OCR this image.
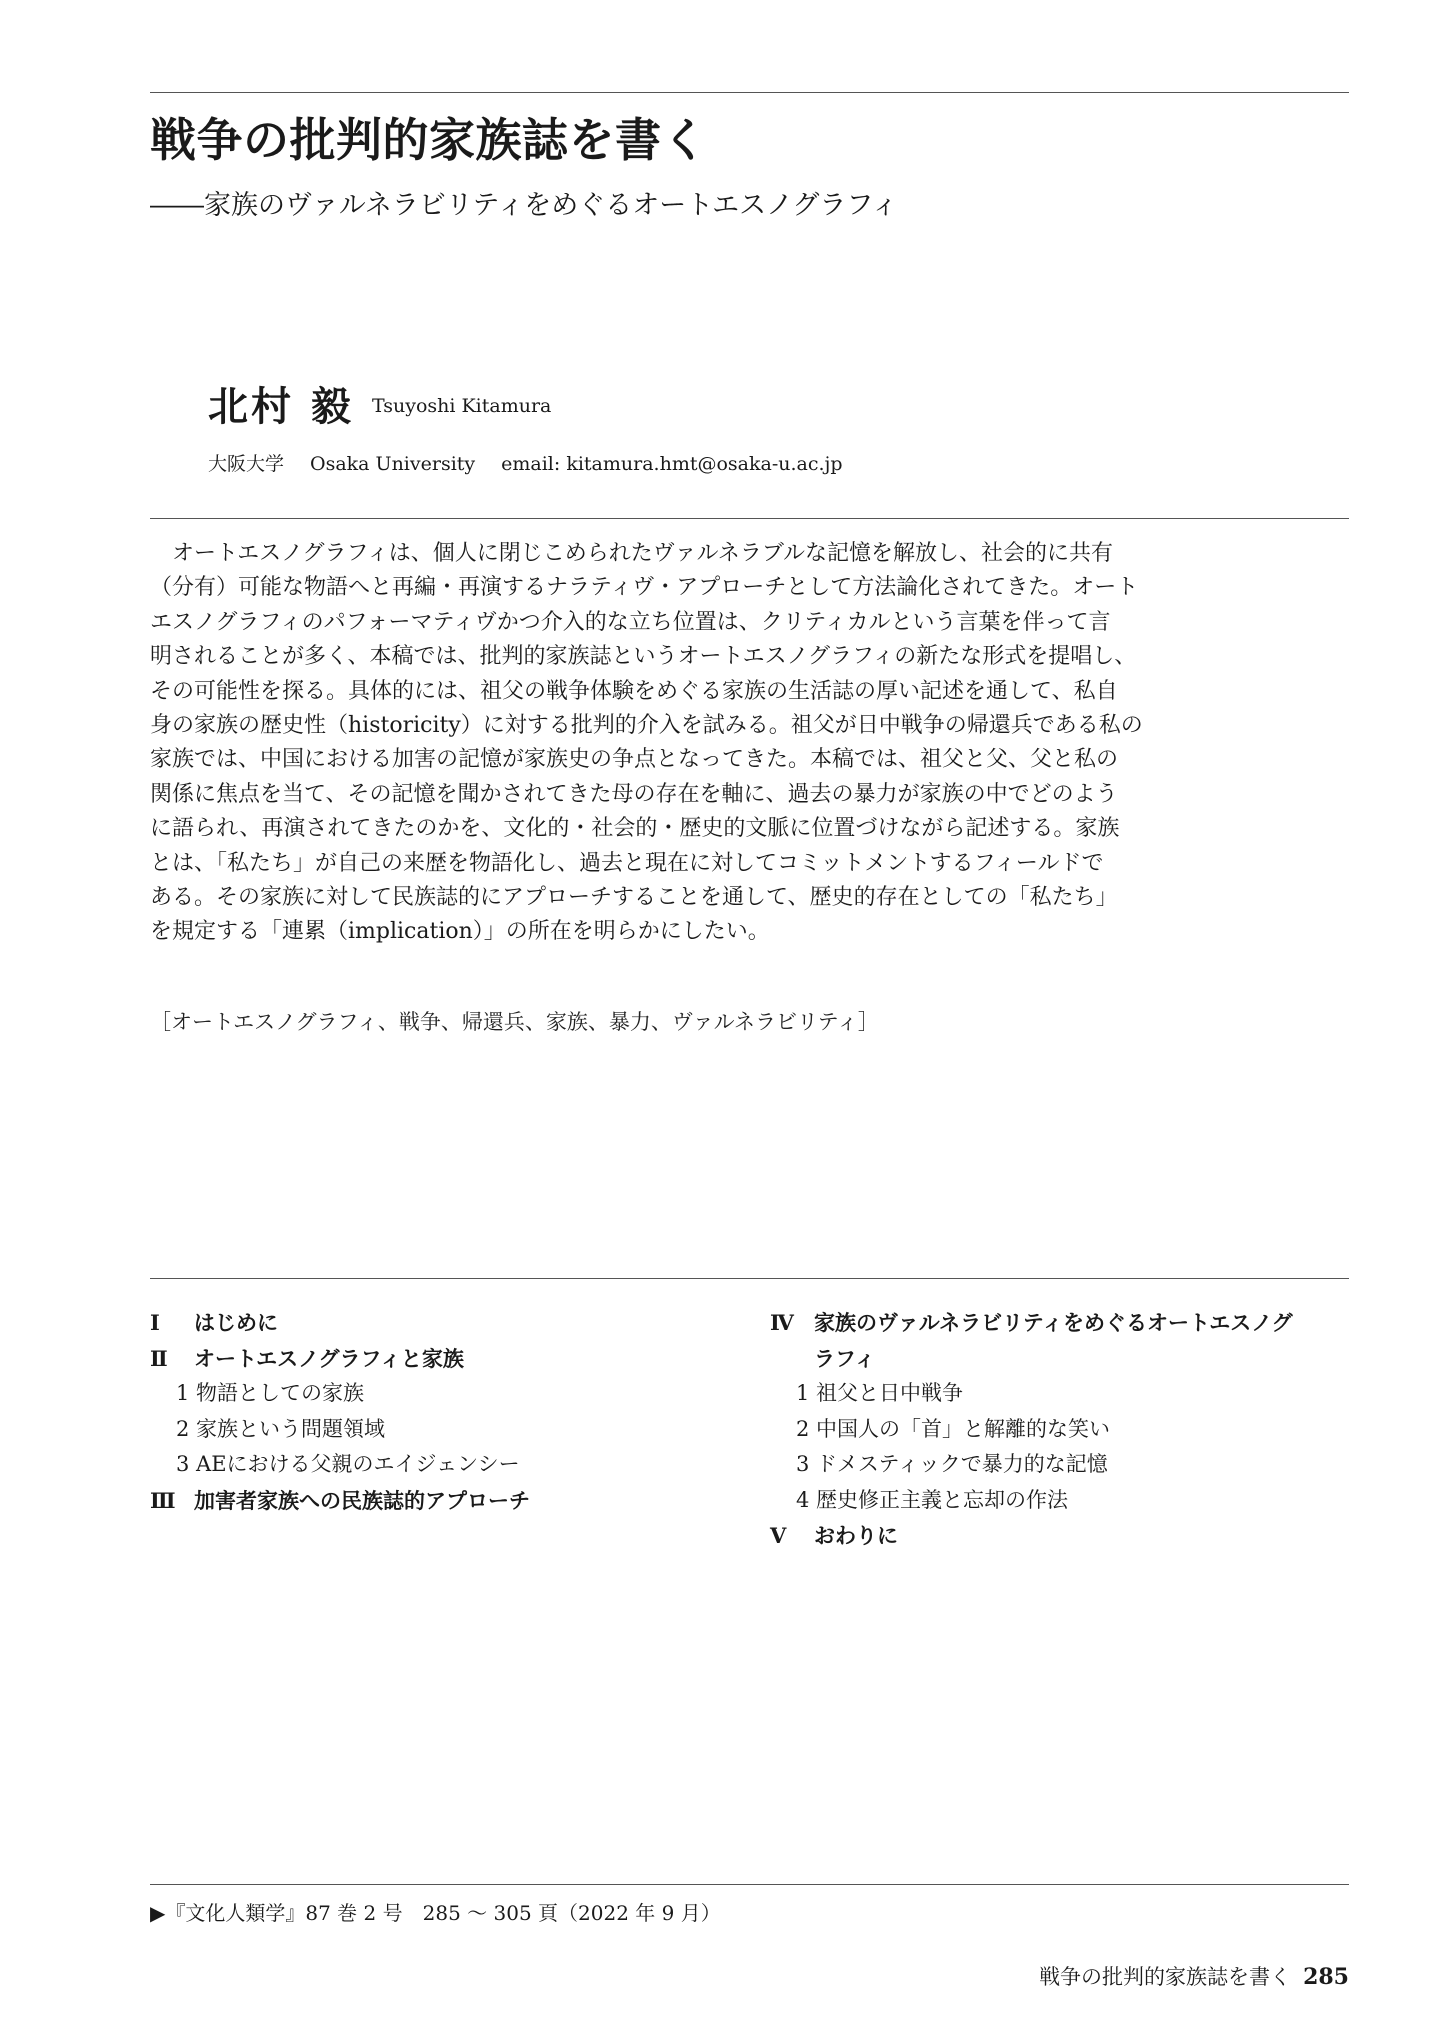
戦争の批判的家族誌を書く
――家族のヴァルネラビリティをめぐるオートエスノグラフィ
北村 毅 Tsuyoshi Kitamura
大阪大学 Osaka University email: kitamura.hmt@osaka-u.ac.jp
オートエスノグラフィは、個人に閉じこめられたヴァルネラブルな記憶を解放し、社会的に共有
（分有）可能な物語へと再編・再演するナラティヴ・アプローチとして方法論化されてきた。オート
エスノグラフィのパフォーマティヴかつ介入的な立ち位置は、クリティカルという言葉を伴って言
明されることが多く、本稿では、批判的家族誌というオートエスノグラフィの新たな形式を提唱し、
その可能性を探る。具体的には、祖父の戦争体験をめぐる家族の生活誌の厚い記述を通して、私自
身の家族の歴史性（historicity）に対する批判的介入を試みる。祖父が日中戦争の帰還兵である私の
家族では、中国における加害の記憶が家族史の争点となってきた。本稿では、祖父と父、父と私の
関係に焦点を当て、その記憶を聞かされてきた母の存在を軸に、過去の暴力が家族の中でどのよう
に語られ、再演されてきたのかを、文化的・社会的・歴史的文脈に位置づけながら記述する。家族
とは、「私たち」が自己の来歴を物語化し、過去と現在に対してコミットメントするフィールドで
ある。その家族に対して民族誌的にアプローチすることを通して、歴史的存在としての「私たち」
を規定する「連累（implication）」の所在を明らかにしたい。
［オートエスノグラフィ、戦争、帰還兵、家族、暴力、ヴァルネラビリティ］
Ⅰ はじめに
Ⅱ オートエスノグラフィと家族
1 物語としての家族
2 家族という問題領域
3 AEにおける父親のエイジェンシー
Ⅲ 加害者家族への民族誌的アプローチ
Ⅳ 家族のヴァルネラビリティをめぐるオートエスノグ
ラフィ
1 祖父と日中戦争
2 中国人の「首」と解離的な笑い
3 ドメスティックで暴力的な記憶
4 歴史修正主義と忘却の作法
Ⅴ おわりに
▶『文化人類学』87 巻 2 号　285 〜 305 頁（2022 年 9 月）
戦争の批判的家族誌を書く 285
